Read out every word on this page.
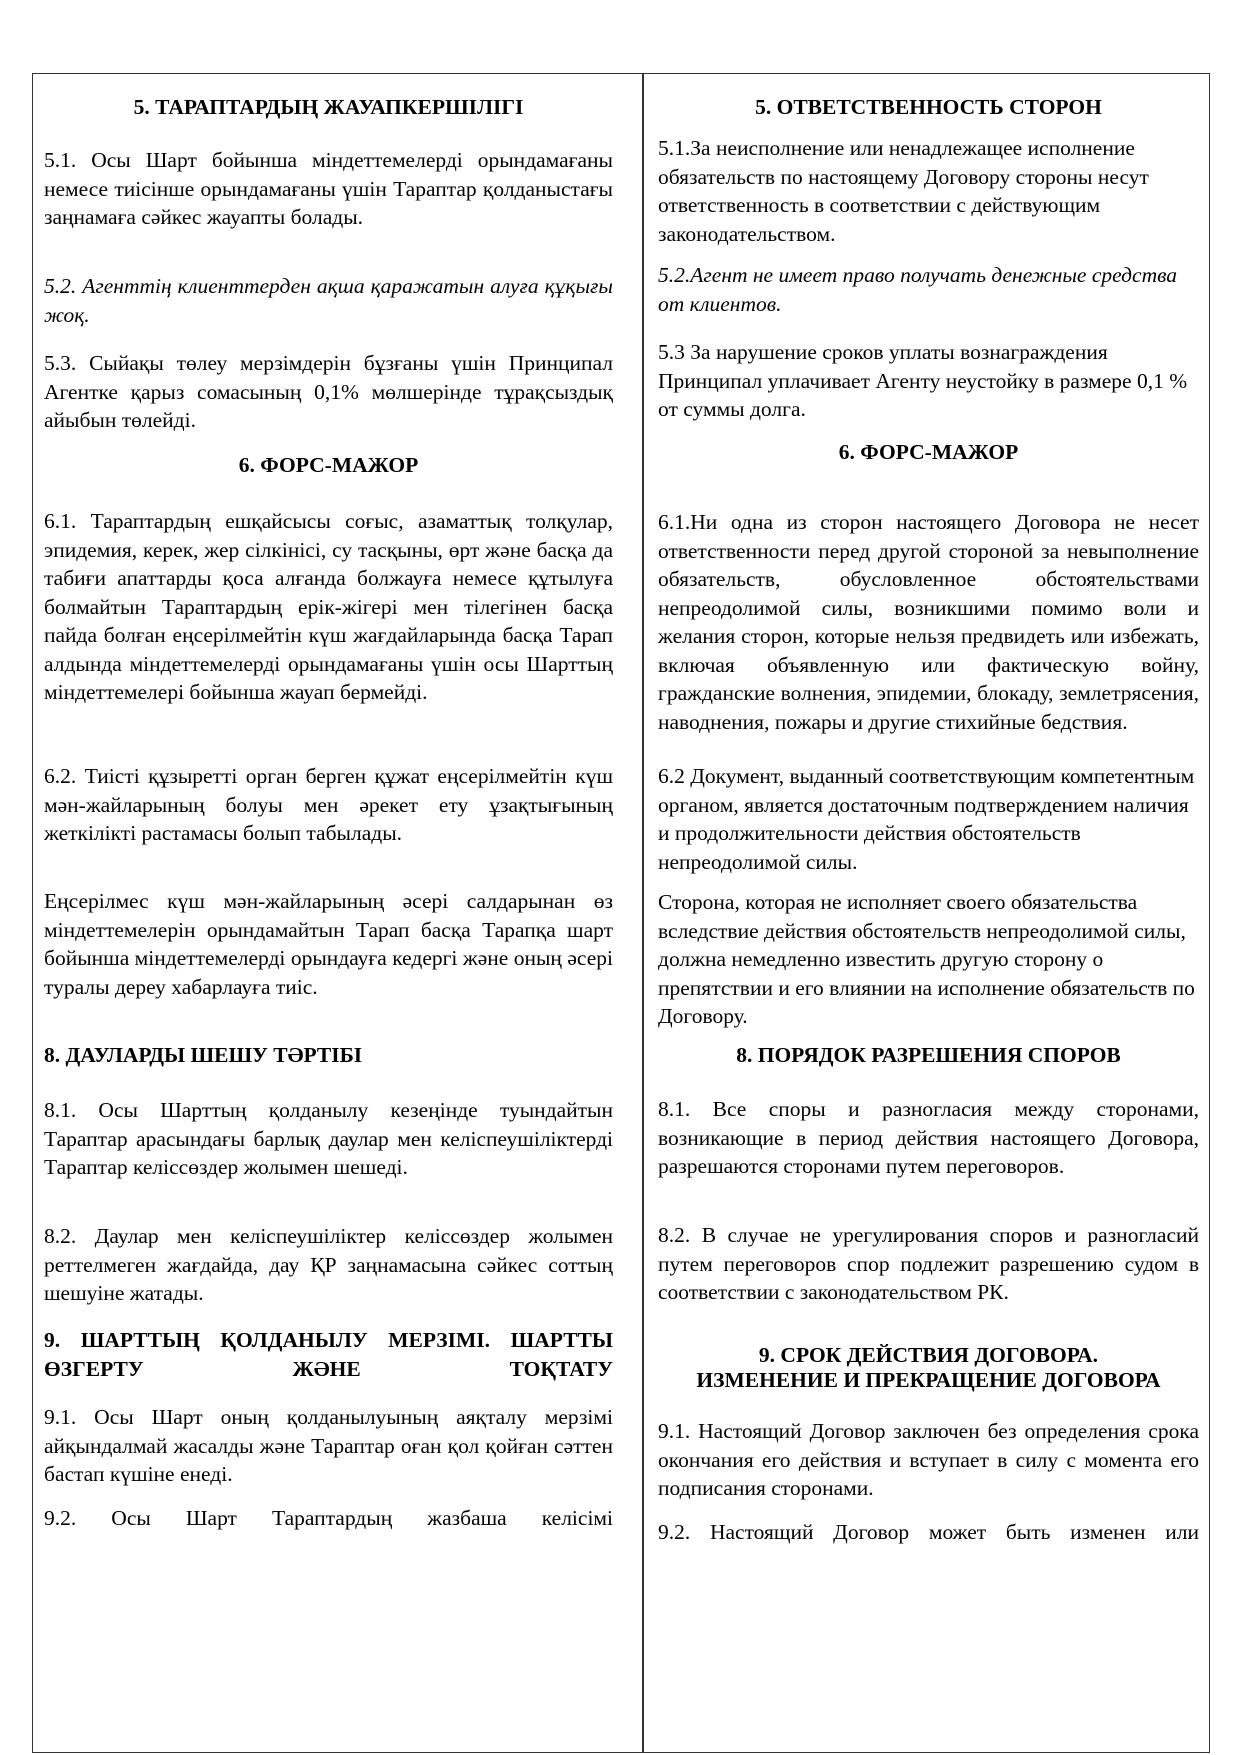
5. ТАРАПТАРДЫҢ ЖАУАПКЕРШІЛІГІ
5.1. Осы Шарт бойынша міндеттемелерді орындамағаны немесе тиісінше орындамағаны үшін Тараптар қолданыстағы заңнамаға сәйкес жауапты болады.
5.2. Агенттің клиенттерден ақша қаражатын алуға құқығы жоқ.
5.3. Сыйақы төлеу мерзімдерін бұзғаны үшін Принципал Агентке қарыз сомасының 0,1% мөлшерінде тұрақсыздық айыбын төлейді.
6. ФОРС-МАЖОР
6.1. Тараптардың ешқайсысы соғыс, азаматтық толқулар, эпидемия, керек, жер сілкінісі, су тасқыны, өрт және басқа да табиғи апаттарды қоса алғанда болжауға немесе құтылуға болмайтын Тараптардың ерік-жігері мен тілегінен басқа пайда болған еңсерілмейтін күш жағдайларында басқа Тарап алдында міндеттемелерді орындамағаны үшін осы Шарттың міндеттемелері бойынша жауап бермейді.
6.2. Тиісті құзыретті орган берген құжат еңсерілмейтін күш мән-жайларының болуы мен әрекет ету ұзақтығының жеткілікті растамасы болып табылады.
Еңсерілмес күш мән-жайларының әсері салдарынан өз міндеттемелерін орындамайтын Тарап басқа Тарапқа шарт бойынша міндеттемелерді орындауға кедергі және оның әсері туралы дереу хабарлауға тиіс.
8. ДАУЛАРДЫ ШЕШУ ТӘРТІБІ
8.1. Осы Шарттың қолданылу кезеңінде туындайтын Тараптар арасындағы барлық даулар мен келіспеушіліктерді Тараптар келіссөздер жолымен шешеді.
8.2. Даулар мен келіспеушіліктер келіссөздер жолымен реттелмеген жағдайда, дау ҚР заңнамасына сәйкес соттың шешуіне жатады.
9. ШАРТТЫҢ ҚОЛДАНЫЛУ МЕРЗІМІ. ШАРТТЫ ӨЗГЕРТУ ЖӘНЕ ТОҚТАТУ
9.1. Осы Шарт оның қолданылуының аяқталу мерзімі айқындалмай жасалды және Тараптар оған қол қойған сәттен бастап күшіне енеді.
9.2. Осы Шарт Тараптардың жазбаша келісімі
5. ОТВЕТСТВЕННОСТЬ СТОРОН
5.1.За неисполнение или ненадлежащее исполнение обязательств по настоящему Договору стороны несут ответственность в соответствии с действующим законодательством.
5.2.Агент не имеет право получать денежные средства от клиентов.
5.3 За нарушение сроков уплаты вознаграждения Принципал уплачивает Агенту неустойку в размере 0,1 % от суммы долга.
6. ФОРС-МАЖОР
6.1.Ни одна из сторон настоящего Договора не несет ответственности перед другой стороной за невыполнение обязательств, обусловленное обстоятельствами непреодолимой силы, возникшими помимо воли и желания сторон, которые нельзя предвидеть или избежать, включая объявленную или фактическую войну, гражданские волнения, эпидемии, блокаду, землетрясения, наводнения, пожары и другие стихийные бедствия.
6.2 Документ, выданный соответствующим компетентным органом, является достаточным подтверждением наличия и продолжительности действия обстоятельств непреодолимой силы.
Сторона, которая не исполняет своего обязательства вследствие действия обстоятельств непреодолимой силы, должна немедленно известить другую сторону о препятствии и его влиянии на исполнение обязательств по Договору.
8. ПОРЯДОК РАЗРЕШЕНИЯ СПОРОВ
8.1. Все споры и разногласия между сторонами, возникающие в период действия настоящего Договора, разрешаются сторонами путем переговоров.
8.2. В случае не урегулирования споров и разногласий путем переговоров спор подлежит разрешению судом в соответствии с законодательством РК.
9. СРОК ДЕЙСТВИЯ ДОГОВОРА.
ИЗМЕНЕНИЕ И ПРЕКРАЩЕНИЕ ДОГОВОРА
9.1. Настоящий Договор заключен без определения срока окончания его действия и вступает в силу с момента его подписания сторонами.
9.2. Настоящий Договор может быть изменен или
